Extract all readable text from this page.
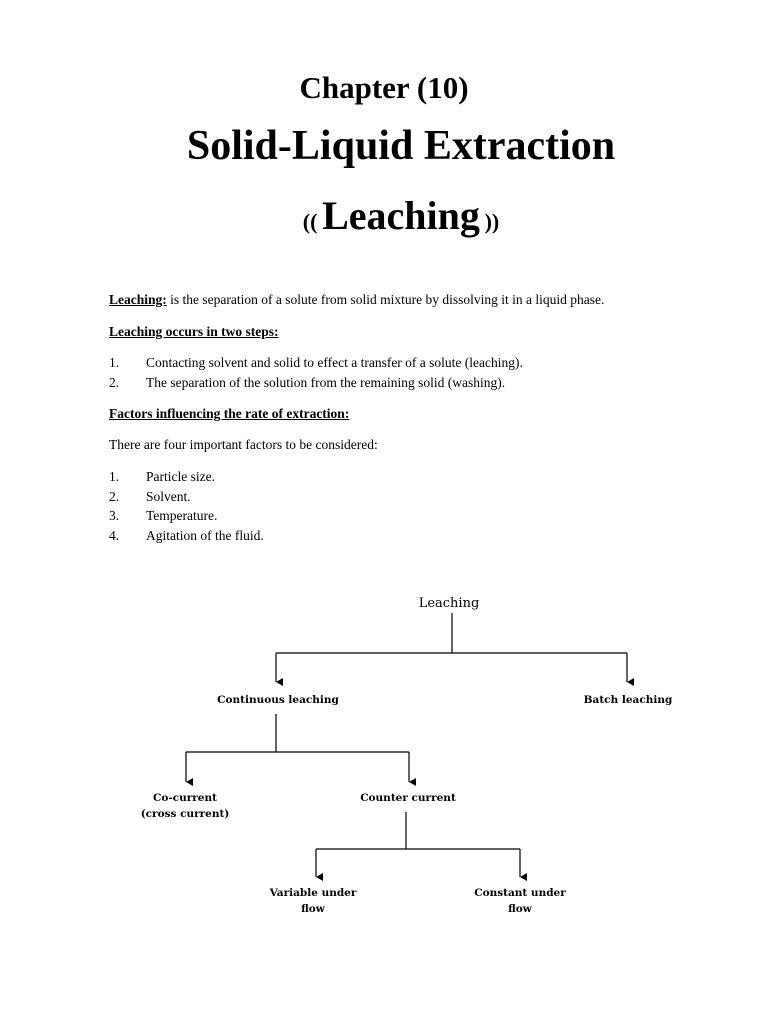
Chapter (10)
Solid-Liquid Extraction
(( Leaching ))

Leaching: is the separation of a solute from solid mixture by dissolving it in a liquid phase.

Leaching occurs in two steps:

1. Contacting solvent and solid to effect a transfer of a solute (leaching).
2. The separation of the solution from the remaining solid (washing).

Factors influencing the rate of extraction:

There are four important factors to be considered:

1. Particle size.
2. Solvent.
3. Temperature.
4. Agitation of the fluid.
Leaching
Continuous leaching	Batch leaching
Co-current
(cross current)
Counter current
Variable under
flow
Constant under
flow
